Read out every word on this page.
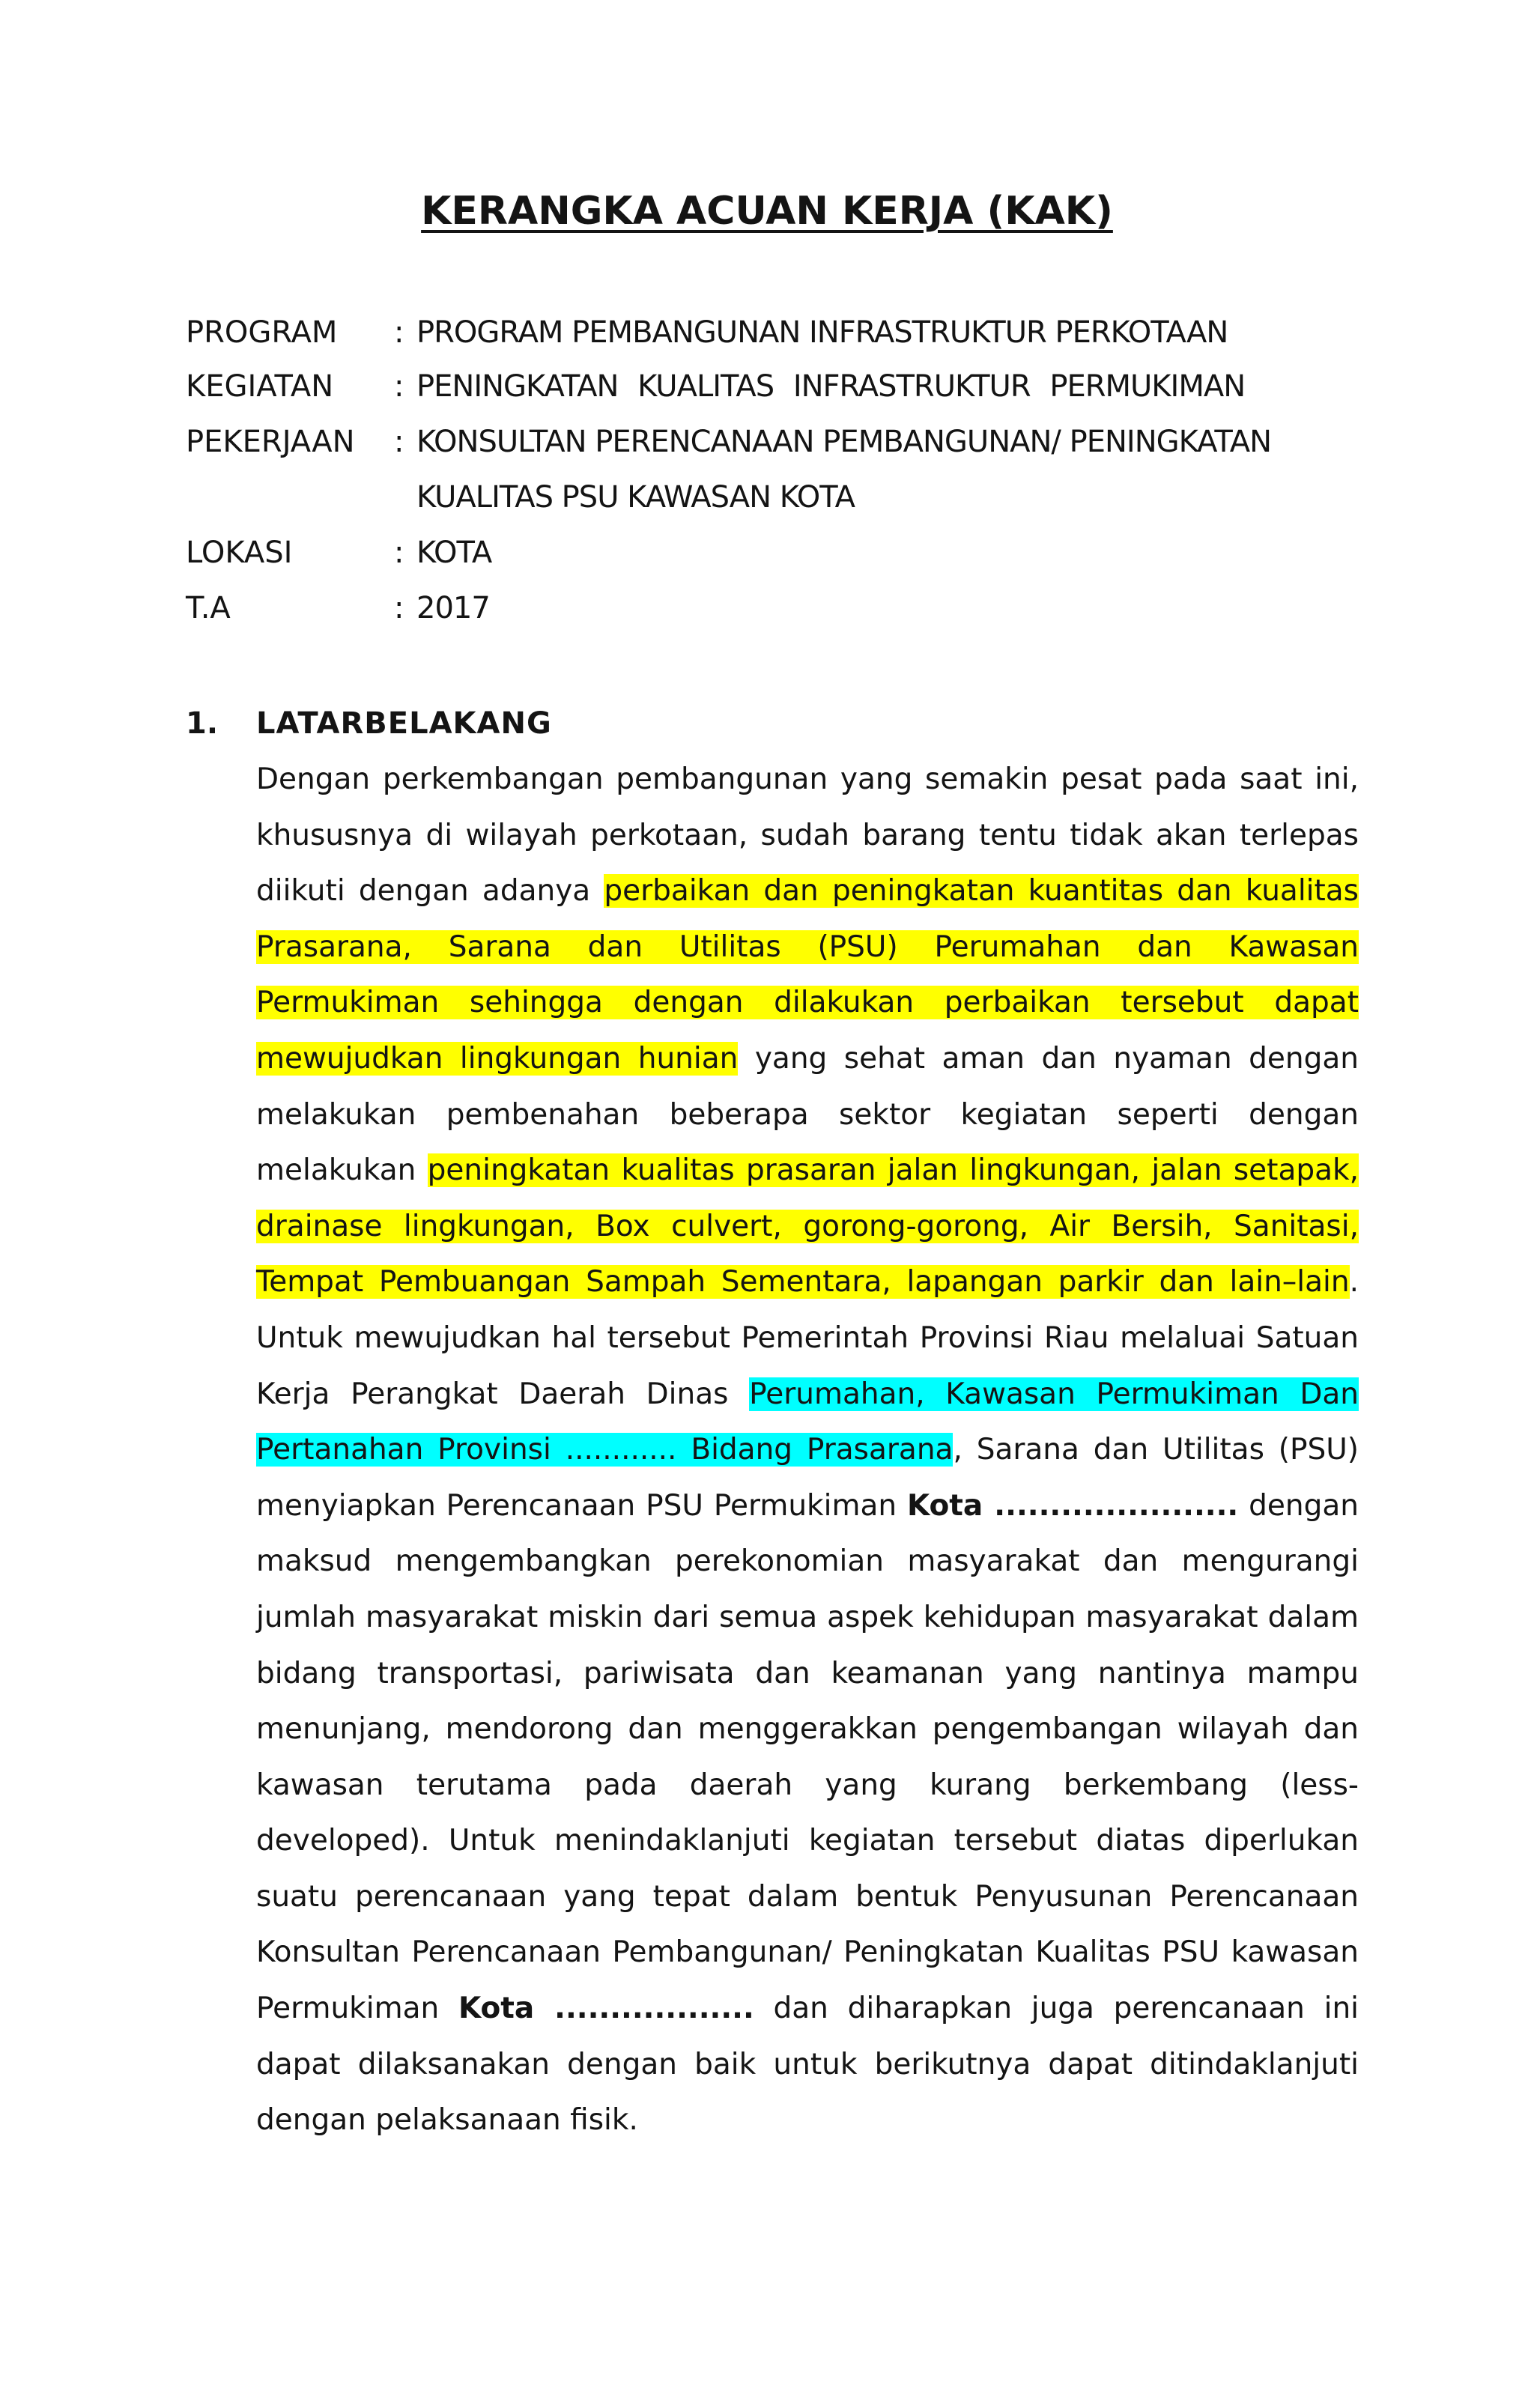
KERANGKA ACUAN KERJA (KAK)
PROGRAM : PROGRAM PEMBANGUNAN INFRASTRUKTUR PERKOTAAN
KEGIATAN : PENINGKATAN KUALITAS INFRASTRUKTUR PERMUKIMAN
PEKERJAAN : KONSULTAN PERENCANAAN PEMBANGUNAN/ PENINGKATAN
KUALITAS PSU KAWASAN KOTA
LOKASI	: KOTA
T.A	: 2017
1. LATARBELAKANG
Dengan perkembangan pembangunan yang semakin pesat pada saat ini, khususnya di wilayah perkotaan, sudah barang tentu tidak akan terlepas diikuti dengan adanya perbaikan dan peningkatan kuantitas dan kualitas Prasarana, Sarana dan Utilitas (PSU) Perumahan dan Kawasan Permukiman sehingga dengan dilakukan perbaikan tersebut dapat mewujudkan lingkungan hunian yang sehat aman dan nyaman dengan melakukan pembenahan beberapa sektor kegiatan seperti dengan melakukan peningkatan kualitas prasaran jalan lingkungan, jalan setapak, drainase lingkungan, Box culvert, gorong-gorong, Air Bersih, Sanitasi, Tempat Pembuangan Sampah Sementara, lapangan parkir dan lain–lain. Untuk mewujudkan hal tersebut Pemerintah Provinsi Riau melaluai Satuan Kerja Perangkat Daerah Dinas Perumahan, Kawasan Permukiman Dan Pertanahan Provinsi ............ Bidang Prasarana, Sarana dan Utilitas (PSU) menyiapkan Perencanaan PSU Permukiman Kota ...................... dengan maksud mengembangkan perekonomian masyarakat dan mengurangi jumlah masyarakat miskin dari semua aspek kehidupan masyarakat dalam bidang transportasi, pariwisata dan keamanan yang nantinya mampu menunjang, mendorong dan menggerakkan pengembangan wilayah dan kawasan terutama pada daerah yang kurang berkembang (less-developed). Untuk menindaklanjuti kegiatan tersebut diatas diperlukan suatu perencanaan yang tepat dalam bentuk Penyusunan Perencanaan Konsultan Perencanaan Pembangunan/ Peningkatan Kualitas PSU kawasan Permukiman Kota .................. dan diharapkan juga perencanaan ini dapat dilaksanakan dengan baik untuk berikutnya dapat ditindaklanjuti dengan pelaksanaan fisik.
